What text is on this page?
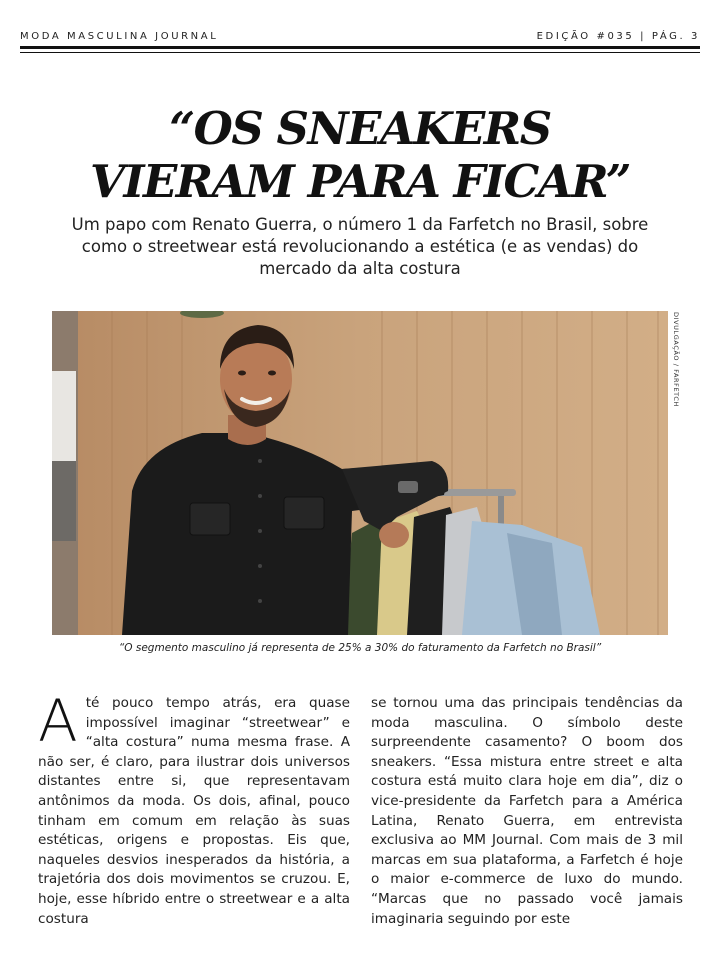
MODA MASCULINA JOURNAL	EDIÇÃO #035 | PÁG. 3
“OS SNEAKERS
VIERAM PARA FICAR”
Um papo com Renato Guerra, o número 1 da Farfetch no Brasil, sobre como o streetwear está revolucionando a estética (e as vendas) do mercado da alta costura
DIVULGAÇÃO / FARFETCH
“O segmento masculino já representa de 25% a 30% do faturamento da Farfetch no Brasil”
Até pouco tempo atrás, era quase impossível imaginar “streetwear” e “alta costura” numa mesma frase. A não ser, é claro, para ilustrar dois universos distantes entre si, que representavam antônimos da moda. Os dois, afinal, pouco tinham em comum em relação às suas estéticas, origens e propostas. Eis que, naqueles desvios inesperados da história, a trajetória dos dois movimentos se cruzou. E, hoje, esse híbrido entre o streetwear e a alta costura
se tornou uma das principais tendências da moda masculina. O símbolo deste surpreendente casamento? O boom dos sneakers. “Essa mistura entre street e alta costura está muito clara hoje em dia”, diz o vice-presidente da Farfetch para a América Latina, Renato Guerra, em entrevista exclusiva ao MM Journal. Com mais de 3 mil marcas em sua plataforma, a Farfetch é hoje o maior e-commerce de luxo do mundo. “Marcas que no passado você jamais imaginaria seguindo por este
